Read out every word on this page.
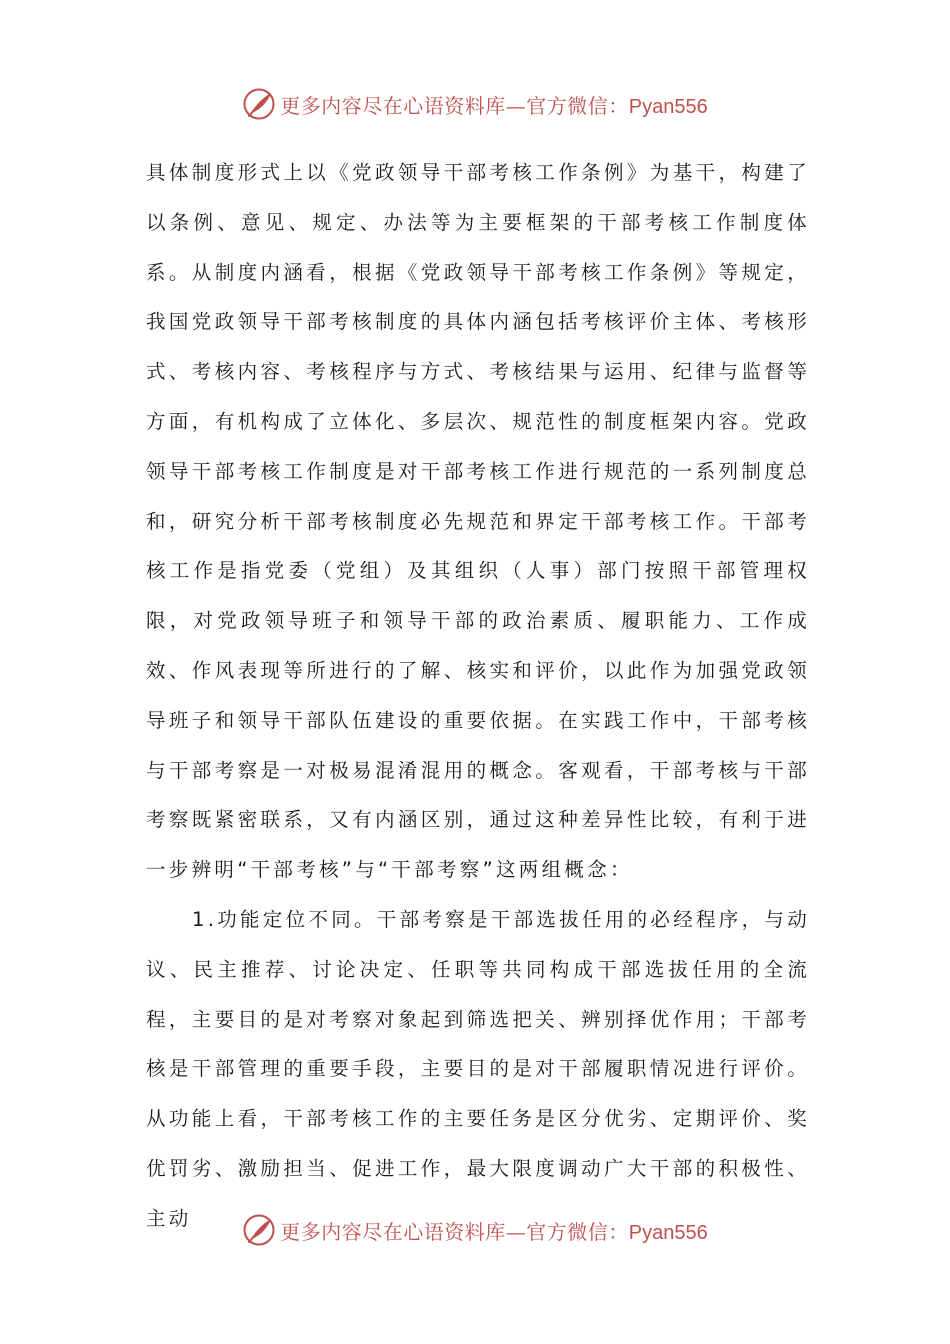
更多内容尽在心语资料库—官方微信：Pyan556

具体制度形式上以《党政领导干部考核工作条例》为基干，构建了以条例、意见、规定、办法等为主要框架的干部考核工作制度体系。从制度内涵看，根据《党政领导干部考核工作条例》等规定，我国党政领导干部考核制度的具体内涵包括考核评价主体、考核形式、考核内容、考核程序与方式、考核结果与运用、纪律与监督等方面，有机构成了立体化、多层次、规范性的制度框架内容。党政领导干部考核工作制度是对干部考核工作进行规范的一系列制度总和，研究分析干部考核制度必先规范和界定干部考核工作。干部考核工作是指党委（党组）及其组织（人事）部门按照干部管理权限，对党政领导班子和领导干部的政治素质、履职能力、工作成效、作风表现等所进行的了解、核实和评价，以此作为加强党政领导班子和领导干部队伍建设的重要依据。在实践工作中，干部考核与干部考察是一对极易混淆混用的概念。客观看，干部考核与干部考察既紧密联系，又有内涵区别，通过这种差异性比较，有利于进一步辨明“干部考核”与“干部考察”这两组概念：

1.功能定位不同。干部考察是干部选拔任用的必经程序，与动议、民主推荐、讨论决定、任职等共同构成干部选拔任用的全流程，主要目的是对考察对象起到筛选把关、辨别择优作用；干部考核是干部管理的重要手段，主要目的是对干部履职情况进行评价。从功能上看，干部考核工作的主要任务是区分优劣、定期评价、奖优罚劣、激励担当、促进工作，最大限度调动广大干部的积极性、主动

更多内容尽在心语资料库—官方微信：Pyan556
